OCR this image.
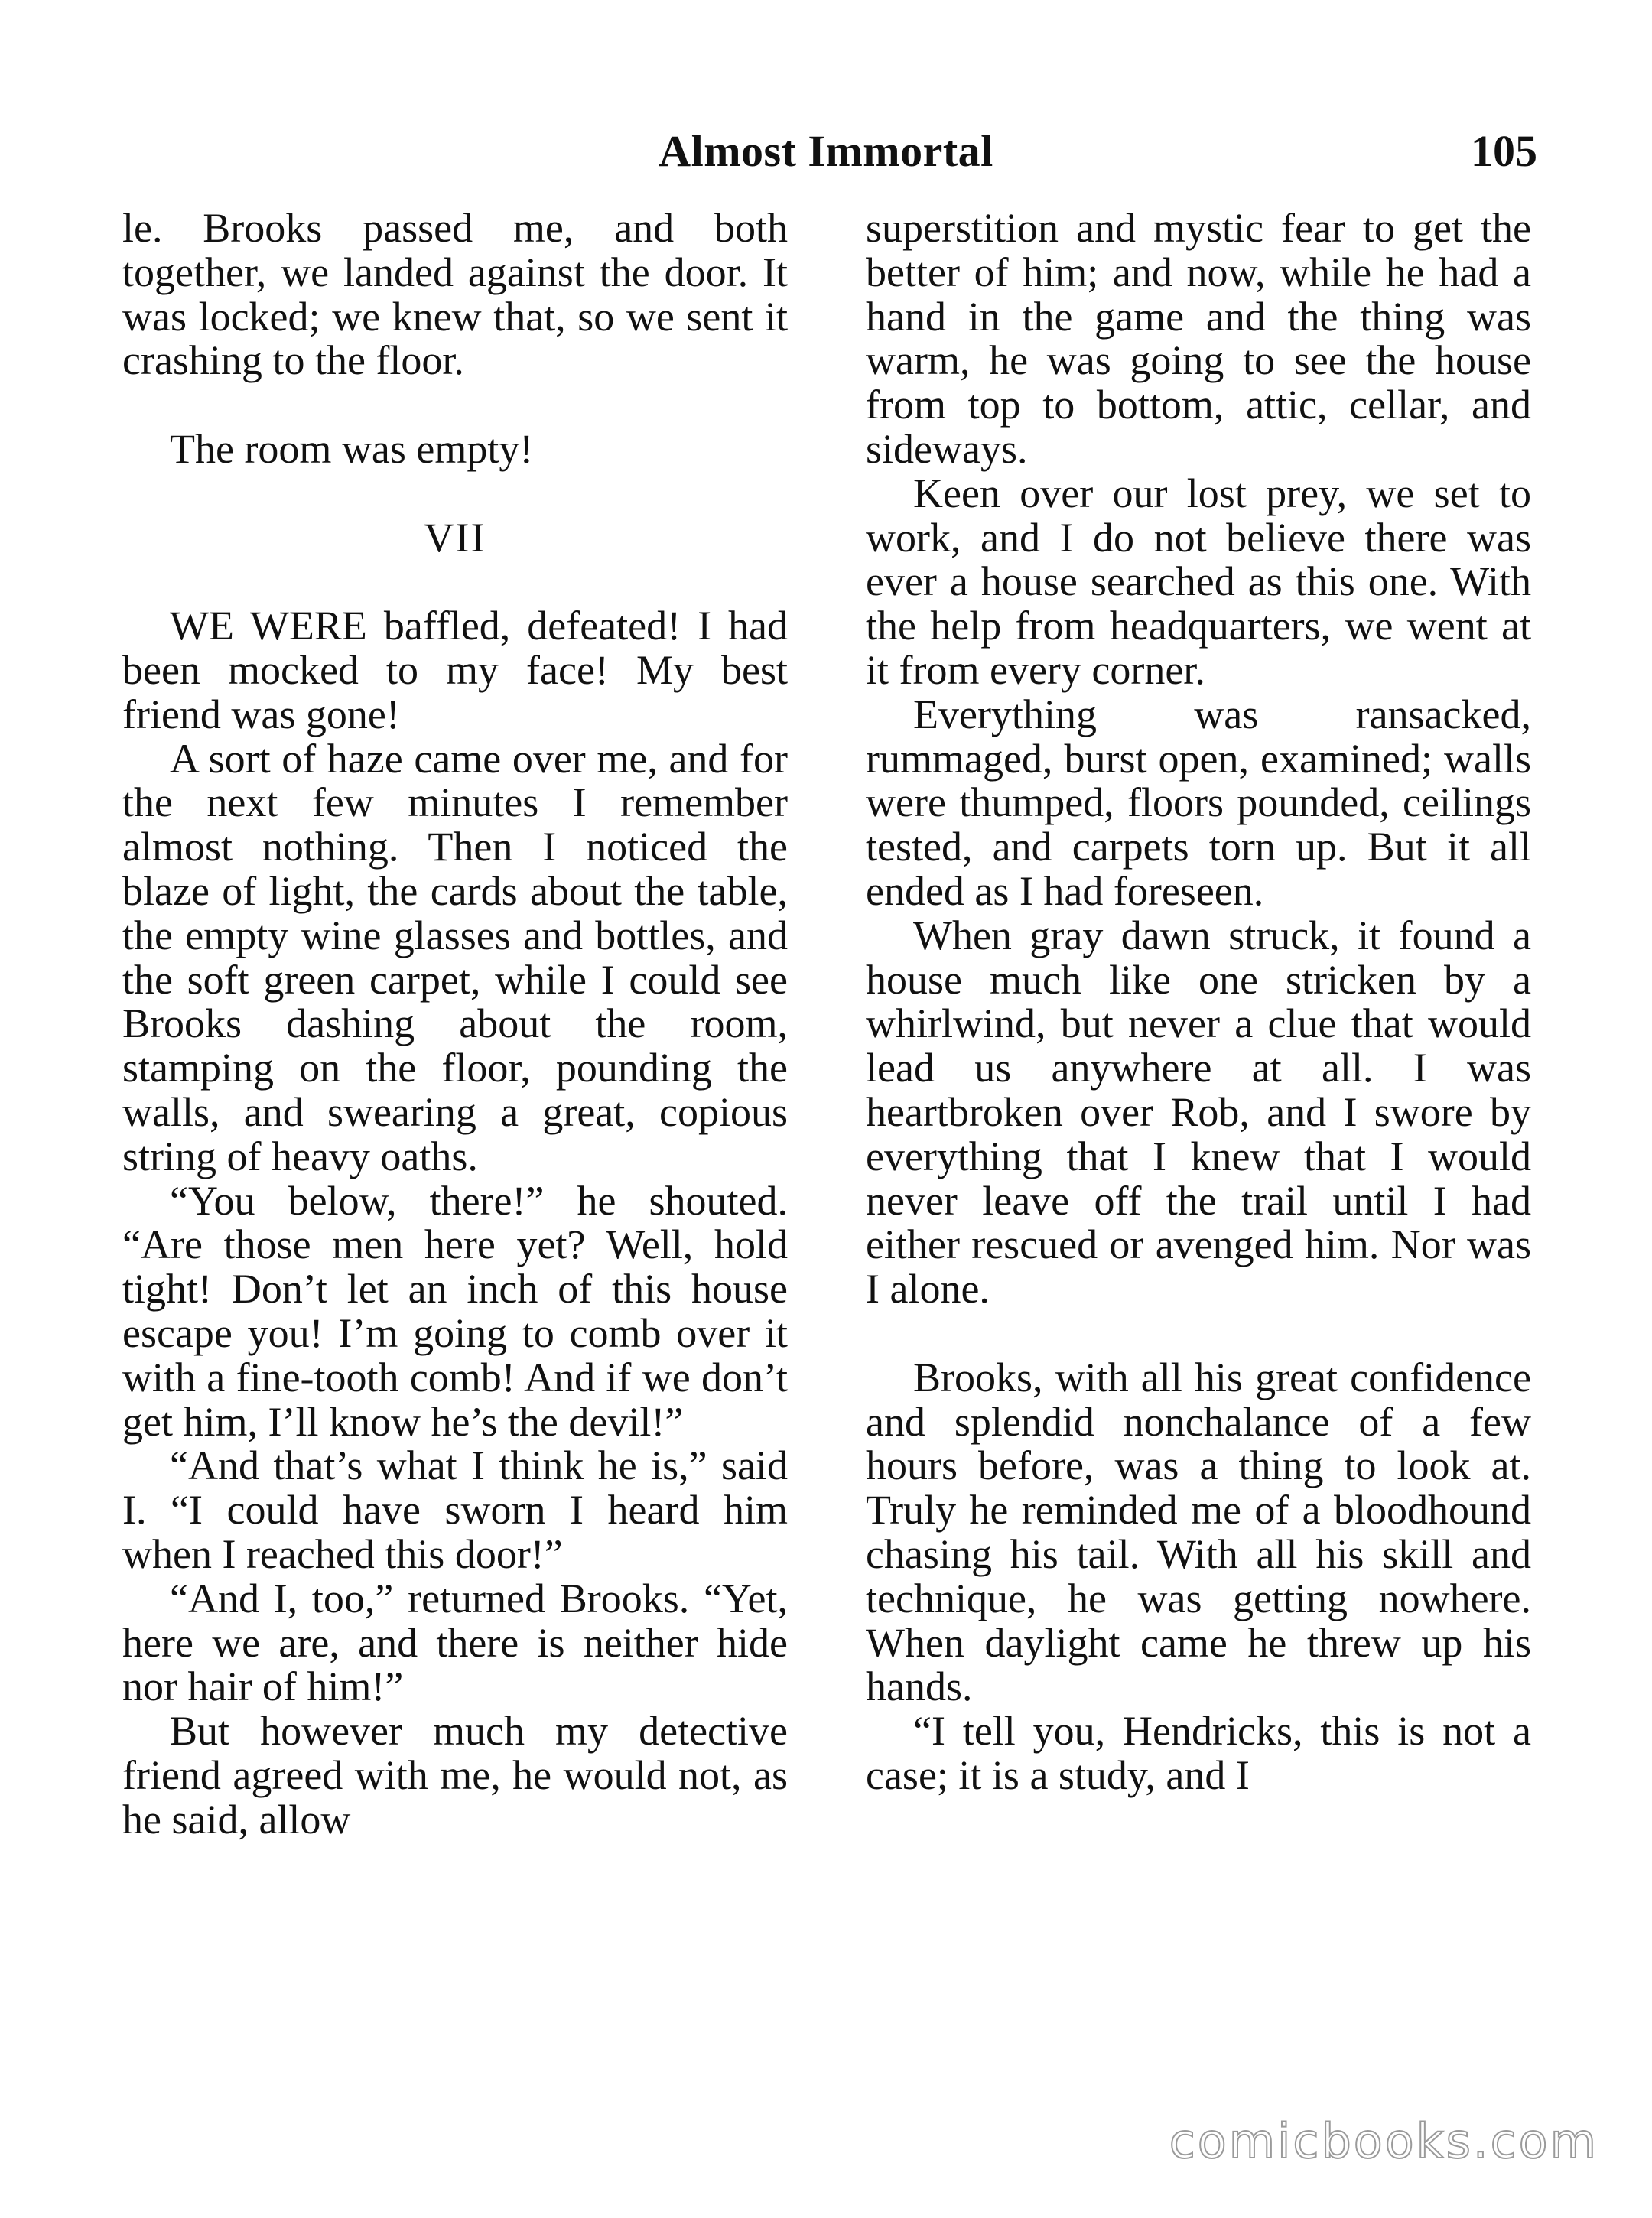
Almost Immortal	105

le. Brooks passed me, and both together, we landed against the door. It was locked; we knew that, so we sent it crashing to the floor.

The room was empty!

VII

WE WERE baffled, defeated! I had been mocked to my face! My best friend was gone!

A sort of haze came over me, and for the next few minutes I remember almost nothing. Then I noticed the blaze of light, the cards about the table, the empty wine glasses and bottles, and the soft green carpet, while I could see Brooks dashing about the room, stamping on the floor, pounding the walls, and swearing a great, copious string of heavy oaths.

“You below, there!” he shouted. “Are those men here yet? Well, hold tight! Don’t let an inch of this house escape you! I’m going to comb over it with a fine-tooth comb! And if we don’t get him, I’ll know he’s the devil!”

“And that’s what I think he is,” said I. “I could have sworn I heard him when I reached this door!”

“And I, too,” returned Brooks. “Yet, here we are, and there is neither hide nor hair of him!”

But however much my detective friend agreed with me, he would not, as he said, allow

superstition and mystic fear to get the better of him; and now, while he had a hand in the game and the thing was warm, he was going to see the house from top to bottom, attic, cellar, and sideways.

Keen over our lost prey, we set to work, and I do not believe there was ever a house searched as this one. With the help from headquarters, we went at it from every corner.

Everything was ransacked, rummaged, burst open, examined; walls were thumped, floors pounded, ceilings tested, and carpets torn up. But it all ended as I had foreseen.

When gray dawn struck, it found a house much like one stricken by a whirlwind, but never a clue that would lead us anywhere at all. I was heartbroken over Rob, and I swore by everything that I knew that I would never leave off the trail until I had either rescued or avenged him. Nor was I alone.

Brooks, with all his great confidence and splendid nonchalance of a few hours before, was a thing to look at. Truly he reminded me of a bloodhound chasing his tail. With all his skill and technique, he was getting nowhere. When daylight came he threw up his hands.

“I tell you, Hendricks, this is not a case; it is a study, and I

comicbooks.com
